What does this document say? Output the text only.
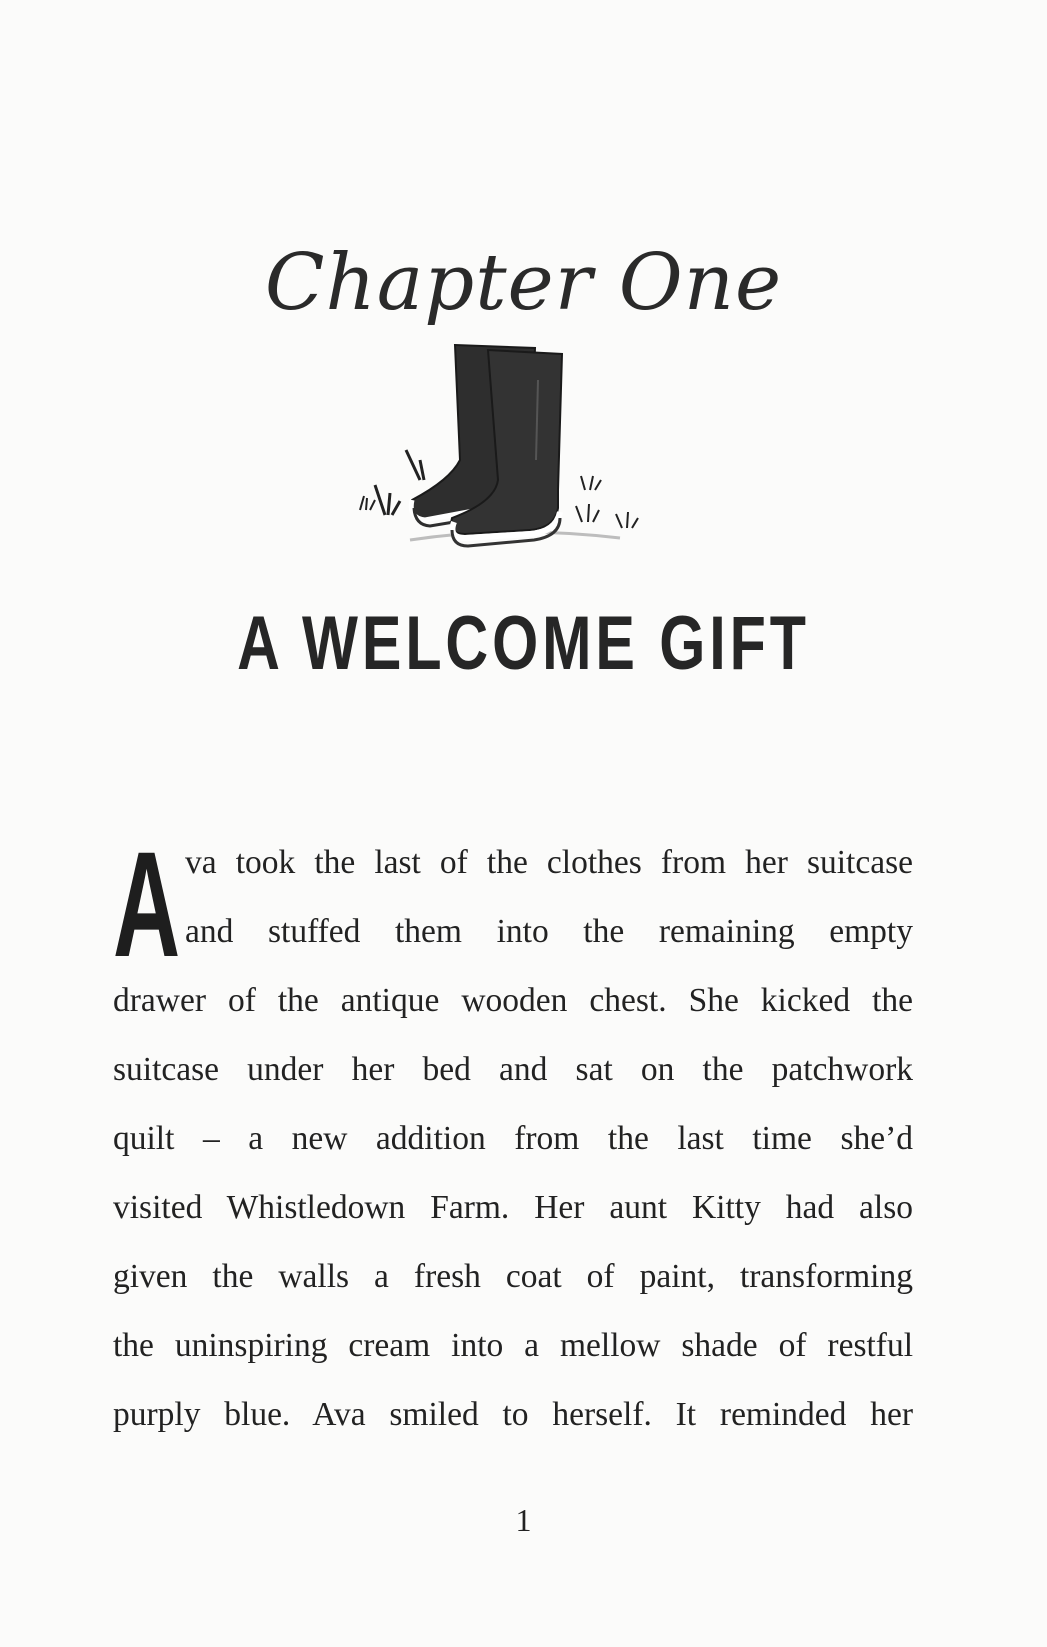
Chapter One
A WELCOME GIFT
A va took the last of the clothes from her suitcase
and stuffed them into the remaining empty
drawer of the antique wooden chest. She kicked the
suitcase under her bed and sat on the patchwork
quilt – a new addition from the last time she’d
visited Whistledown Farm. Her aunt Kitty had also
given the walls a fresh coat of paint, transforming
the uninspiring cream into a mellow shade of restful
purply blue. Ava smiled to herself. It reminded her
1
